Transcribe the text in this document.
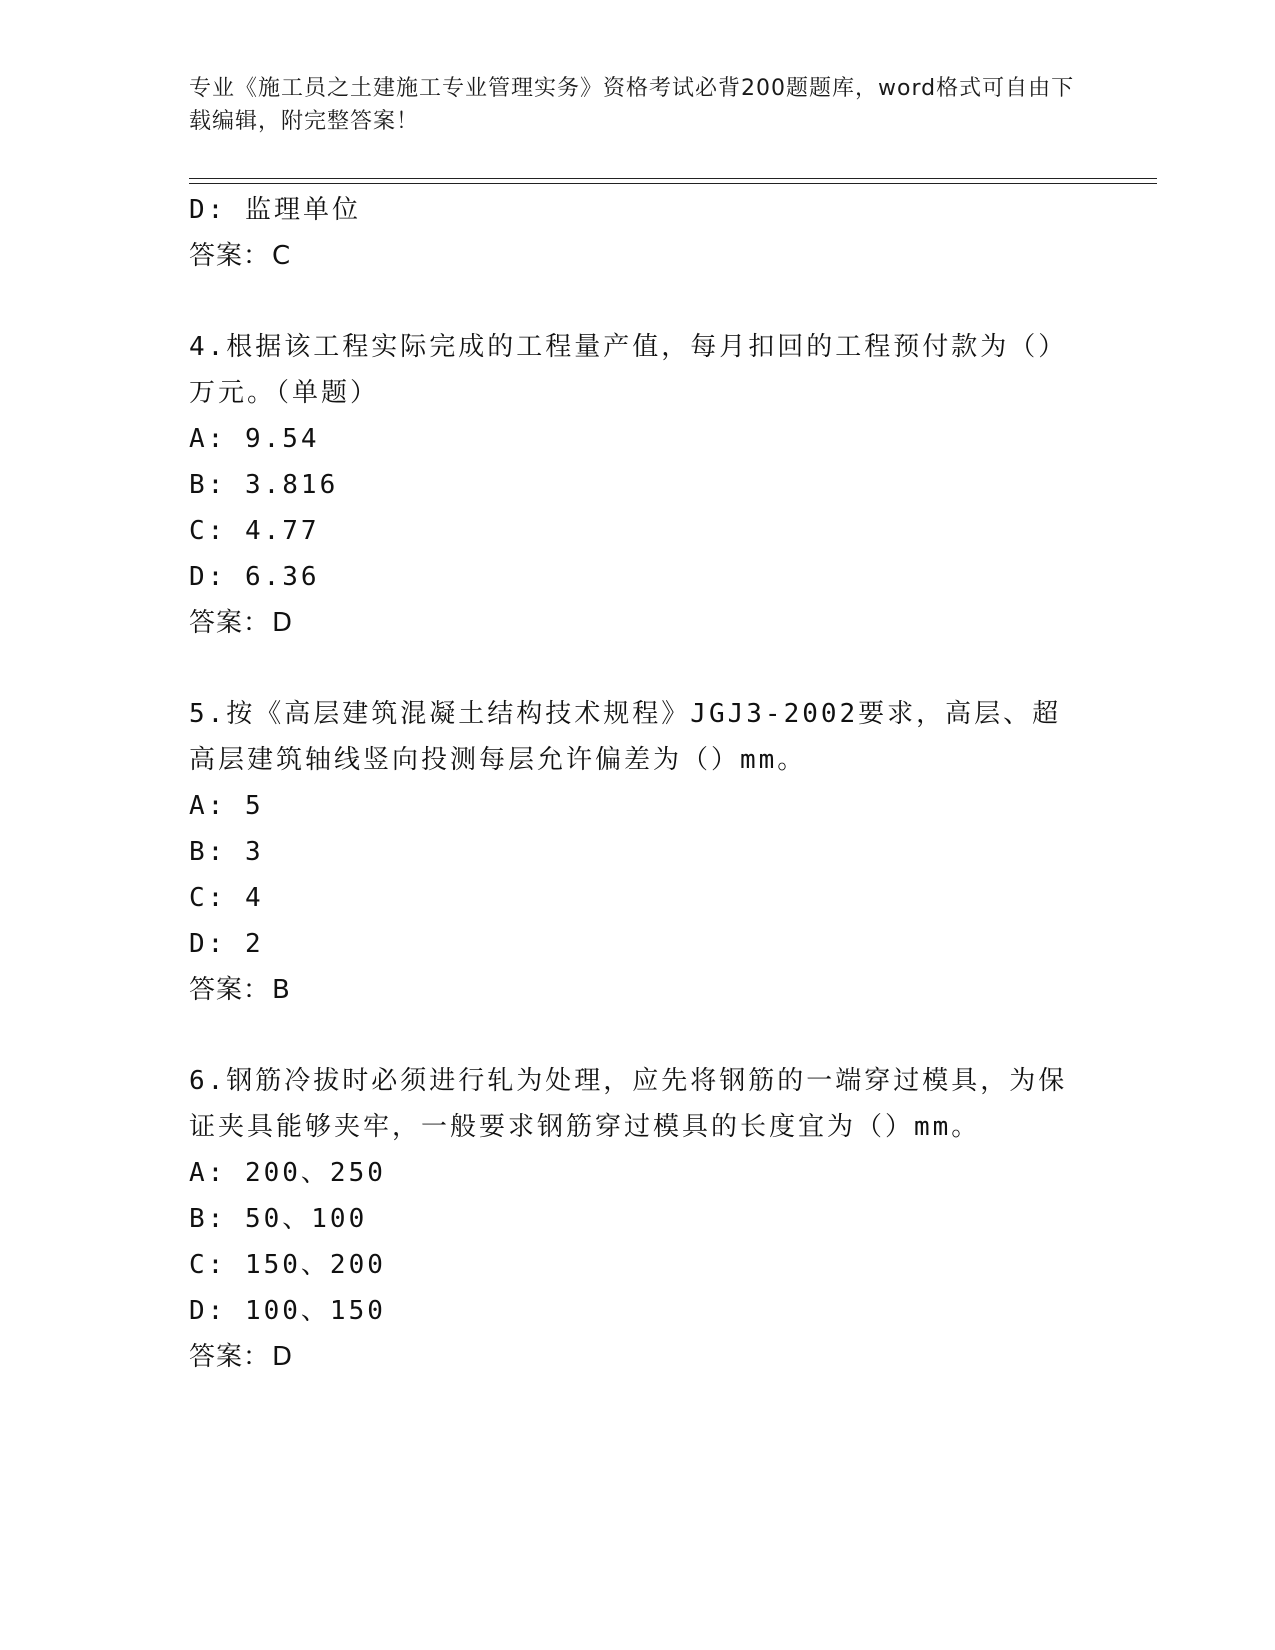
专业《施工员之土建施工专业管理实务》资格考试必背200题题库，word格式可自由下载编辑，附完整答案！
D: 监理单位
答案：C
4.根据该工程实际完成的工程量产值，每月扣回的工程预付款为（）万元。（单题）
A: 9.54
B: 3.816
C: 4.77
D: 6.36
答案：D
5.按《高层建筑混凝土结构技术规程》JGJ3-2002要求，高层、超高层建筑轴线竖向投测每层允许偏差为（）mm。
A: 5
B: 3
C: 4
D: 2
答案：B
6.钢筋冷拔时必须进行轧为处理，应先将钢筋的一端穿过模具，为保证夹具能够夹牢，一般要求钢筋穿过模具的长度宜为（）mm。
A: 200、250
B: 50、100
C: 150、200
D: 100、150
答案：D
